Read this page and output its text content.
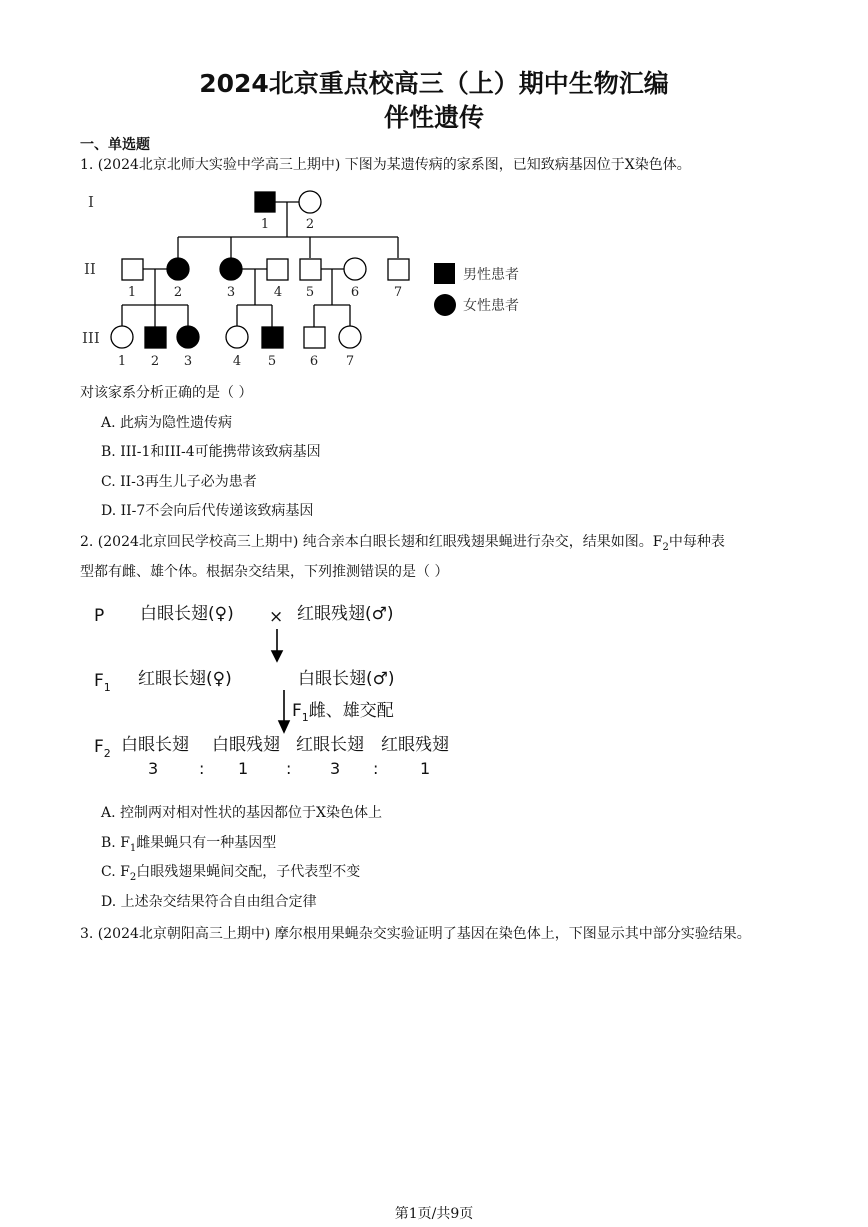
2024北京重点校高三（上）期中生物汇编
伴性遗传
一、单选题
1. (2024北京北师大实验中学高三上期中) 下图为某遗传病的家系图，已知致病基因位于X染色体。
I
II
III
1	2
1	2	3	4 5	6	7
1 2 3	4 5	6 7
男性患者
女性患者
对该家系分析正确的是（ ）
A. 此病为隐性遗传病
B. III-1和III-4可能携带该致病基因
C. II-3再生儿子必为患者
D. II-7不会向后代传递该致病基因
2. (2024北京回民学校高三上期中) 纯合亲本白眼长翅和红眼残翅果蝇进行杂交，结果如图。$F_2$中每种表
型都有雌、雄个体。根据杂交结果，下列推测错误的是（ ）
P 白眼长翅(♀) × 红眼残翅(♂)
$F_1$ 红眼长翅(♀)	白眼长翅(♂)
$F_1$雌、雄交配
$F_2$ 白眼长翅 白眼残翅 红眼长翅 红眼残翅
3	: 1 : 3 :	1
A. 控制两对相对性状的基因都位于X染色体上
B. $F_1$雌果蝇只有一种基因型
C. $F_2$白眼残翅果蝇间交配，子代表型不变
D. 上述杂交结果符合自由组合定律
3. (2024北京朝阳高三上期中) 摩尔根用果蝇杂交实验证明了基因在染色体上，下图显示其中部分实验结果。
第1页/共9页
